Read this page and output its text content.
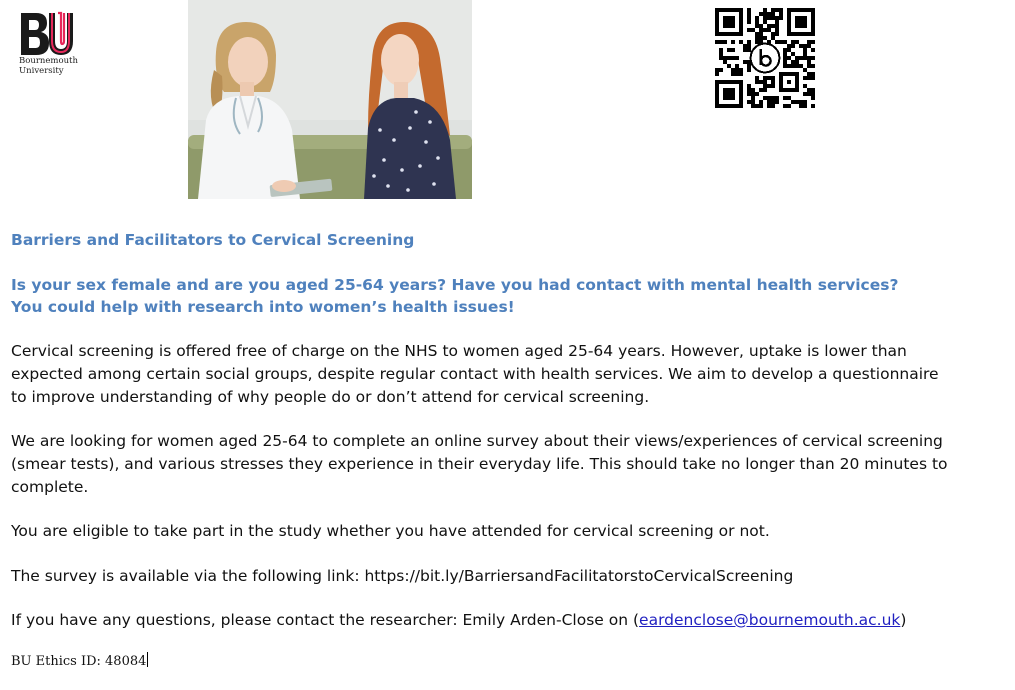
Bournemouth
University
Barriers and Facilitators to Cervical Screening
Is your sex female and are you aged 25-64 years? Have you had contact with mental health services?
You could help with research into women’s health issues!
Cervical screening is offered free of charge on the NHS to women aged 25-64 years. However, uptake is lower than expected among certain social groups, despite regular contact with health services. We aim to develop a questionnaire to improve understanding of why people do or don’t attend for cervical screening.
We are looking for women aged 25-64 to complete an online survey about their views/experiences of cervical screening (smear tests), and various stresses they experience in their everyday life. This should take no longer than 20 minutes to complete.
You are eligible to take part in the study whether you have attended for cervical screening or not.
The survey is available via the following link: https://bit.ly/BarriersandFacilitatorstoCervicalScreening
If you have any questions, please contact the researcher: Emily Arden-Close on (eardenclose@bournemouth.ac.uk)
BU Ethics ID: 48084
